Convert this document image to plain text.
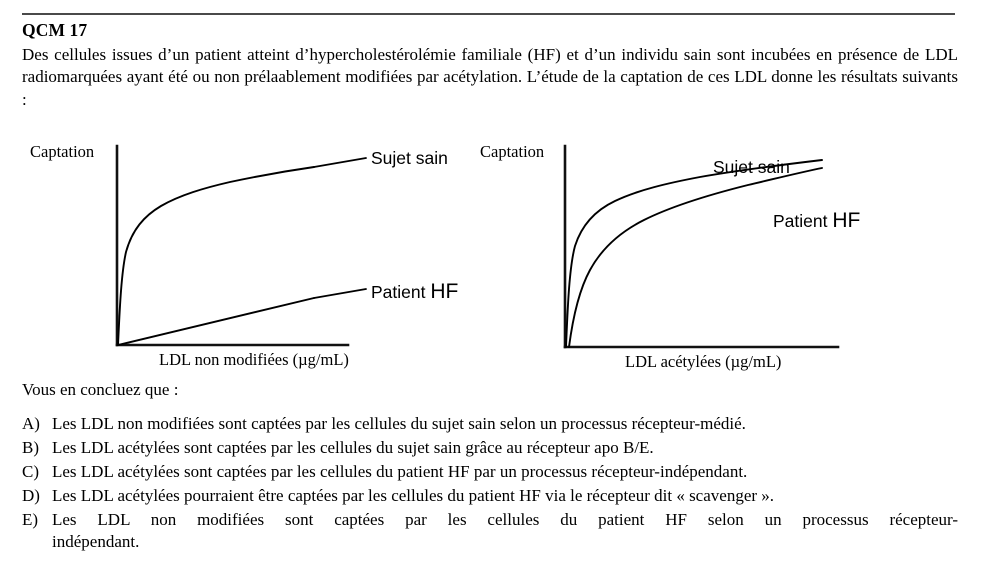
QCM 17
Des cellules issues d’un patient atteint d’hypercholestérolémie familiale (HF) et d’un individu sain sont incubées en présence de LDL radiomarquées ayant été ou non prélaablement modifiées par acétylation. L’étude de la captation de ces LDL donne les résultats suivants :
Captation	Sujet sain
Patient HF
LDL non modifiées (µg/mL)
Captation
Sujet sain
Patient HF
LDL acétylées (µg/mL)
Vous en concluez que :
A) Les LDL non modifiées sont captées par les cellules du sujet sain selon un processus récepteur-médié.
B) Les LDL acétylées sont captées par les cellules du sujet sain grâce au récepteur apo B/E.
C) Les LDL acétylées sont captées par les cellules du patient HF par un processus récepteur-indépendant.
D) Les LDL acétylées pourraient être captées par les cellules du patient HF via le récepteur dit « scavenger ».
E) Les LDL non modifiées sont captées par les cellules du patient HF selon un processus récepteur-
indépendant.
